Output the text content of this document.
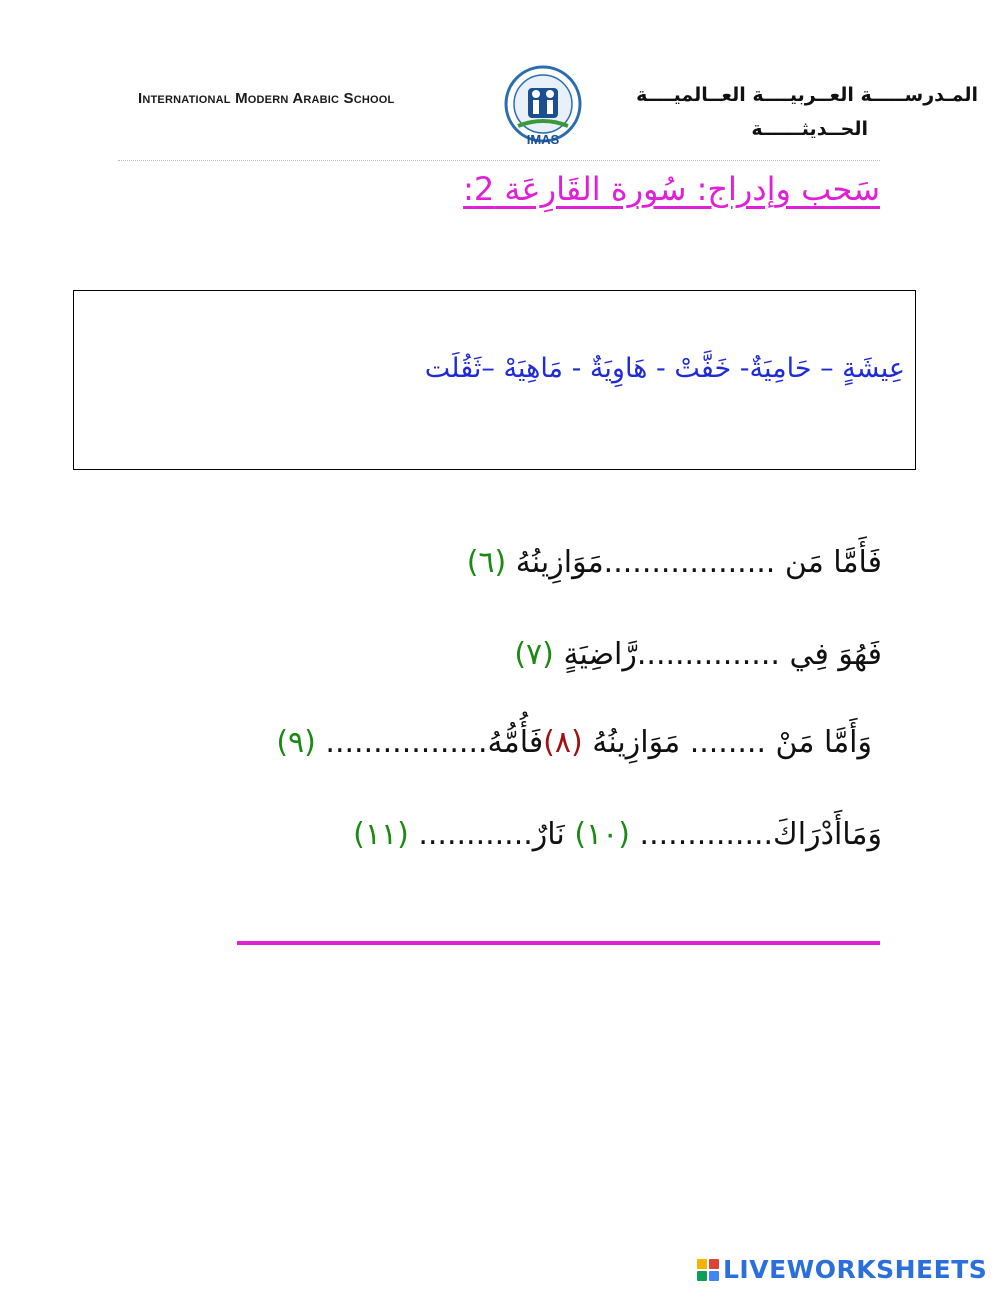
International Modern Arabic School
IMAS
المـدرســـــة العــربيــــة العــالميــــة
الحــديثــــــة
سَحب وإدراج: سُورة القَارِعَة 2:
عِيشَةٍ – حَامِيَةٌ- خَفَّتْ - هَاوِيَةٌ - مَاهِيَهْ –ثَقُلَت
فَأَمَّا مَن ..................مَوَازِينُهُ (٦)
فَهُوَ فِي ...............رَّاضِيَةٍ (٧)
وَأَمَّا مَنْ ........ مَوَازِينُهُ (٨)فَأُمُّهُ................. (٩)
وَمَاأَدْرَاكَ.............. (١٠) نَارٌ............ (١١)
LIVEWORKSHEETS
